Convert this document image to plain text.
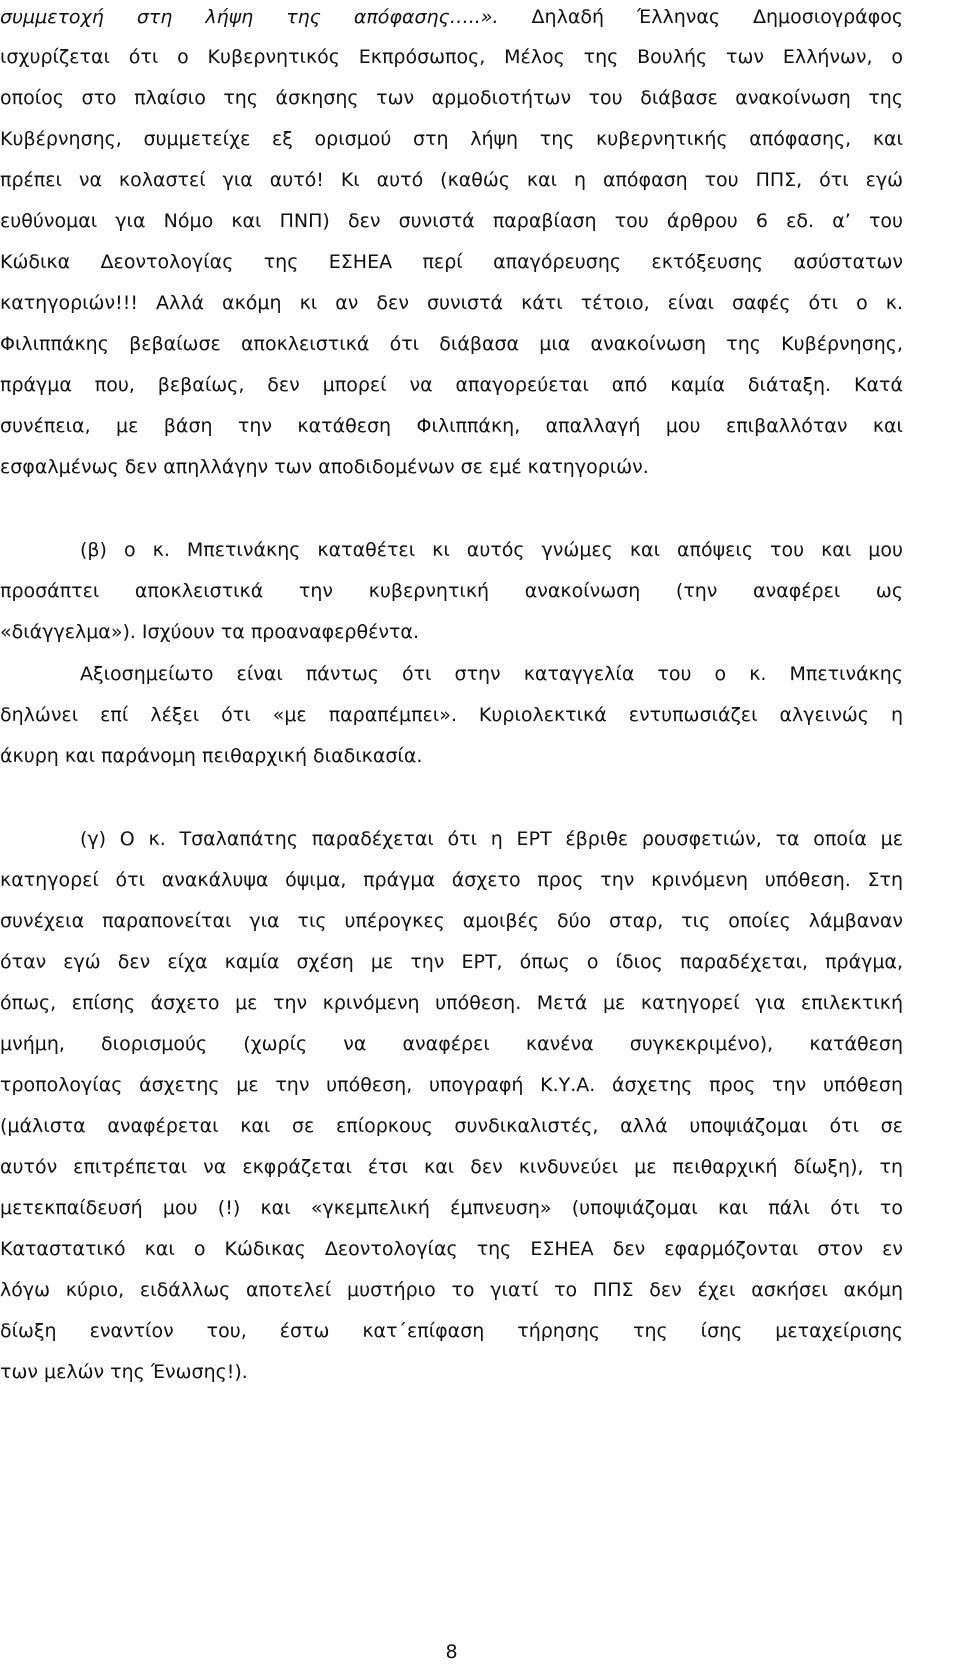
συμμετοχή στη λήψη της απόφασης…..». Δηλαδή Έλληνας Δημοσιογράφος
ισχυρίζεται ότι ο Κυβερνητικός Εκπρόσωπος, Μέλος της Βουλής των Ελλήνων, ο
οποίος στο πλαίσιο της άσκησης των αρμοδιοτήτων του διάβασε ανακοίνωση της
Κυβέρνησης, συμμετείχε εξ ορισμού στη λήψη της κυβερνητικής απόφασης, και
πρέπει να κολαστεί για αυτό! Κι αυτό (καθώς και η απόφαση του ΠΠΣ, ότι εγώ
ευθύνομαι για Νόμο και ΠΝΠ) δεν συνιστά παραβίαση του άρθρου 6 εδ. α’ του
Κώδικα Δεοντολογίας της ΕΣΗΕΑ περί απαγόρευσης εκτόξευσης ασύστατων
κατηγοριών!!! Αλλά ακόμη κι αν δεν συνιστά κάτι τέτοιο, είναι σαφές ότι ο κ.
Φιλιππάκης βεβαίωσε αποκλειστικά ότι διάβασα μια ανακοίνωση της Κυβέρνησης,
πράγμα που, βεβαίως, δεν μπορεί να απαγορεύεται από καμία διάταξη. Κατά
συνέπεια, με βάση την κατάθεση Φιλιππάκη, απαλλαγή μου επιβαλλόταν και
εσφαλμένως δεν απηλλάγην των αποδιδομένων σε εμέ κατηγοριών.
(β) ο κ. Μπετινάκης καταθέτει κι αυτός γνώμες και απόψεις του και μου
προσάπτει αποκλειστικά την κυβερνητική ανακοίνωση (την αναφέρει ως
«διάγγελμα»). Ισχύουν τα προαναφερθέντα.
Αξιοσημείωτο είναι πάντως ότι στην καταγγελία του ο κ. Μπετινάκης
δηλώνει επί λέξει ότι «με παραπέμπει». Κυριολεκτικά εντυπωσιάζει αλγεινώς η
άκυρη και παράνομη πειθαρχική διαδικασία.
(γ) Ο κ. Τσαλαπάτης παραδέχεται ότι η ΕΡΤ έβριθε ρουσφετιών, τα οποία με
κατηγορεί ότι ανακάλυψα όψιμα, πράγμα άσχετο προς την κρινόμενη υπόθεση. Στη
συνέχεια παραπονείται για τις υπέρογκες αμοιβές δύο σταρ, τις οποίες λάμβαναν
όταν εγώ δεν είχα καμία σχέση με την ΕΡΤ, όπως ο ίδιος παραδέχεται, πράγμα,
όπως, επίσης άσχετο με την κρινόμενη υπόθεση. Μετά με κατηγορεί για επιλεκτική
μνήμη, διορισμούς (χωρίς να αναφέρει κανένα συγκεκριμένο), κατάθεση
τροπολογίας άσχετης με την υπόθεση, υπογραφή Κ.Υ.Α. άσχετης προς την υπόθεση
(μάλιστα αναφέρεται και σε επίορκους συνδικαλιστές, αλλά υποψιάζομαι ότι σε
αυτόν επιτρέπεται να εκφράζεται έτσι και δεν κινδυνεύει με πειθαρχική δίωξη), τη
μετεκπαίδευσή μου (!) και «γκεμπελική έμπνευση» (υποψιάζομαι και πάλι ότι το
Καταστατικό και ο Κώδικας Δεοντολογίας της ΕΣΗΕΑ δεν εφαρμόζονται στον εν
λόγω κύριο, ειδάλλως αποτελεί μυστήριο το γιατί το ΠΠΣ δεν έχει ασκήσει ακόμη
δίωξη εναντίον του, έστω κατ΄επίφαση τήρησης της ίσης μεταχείρισης
των μελών της Ένωσης!).
8
